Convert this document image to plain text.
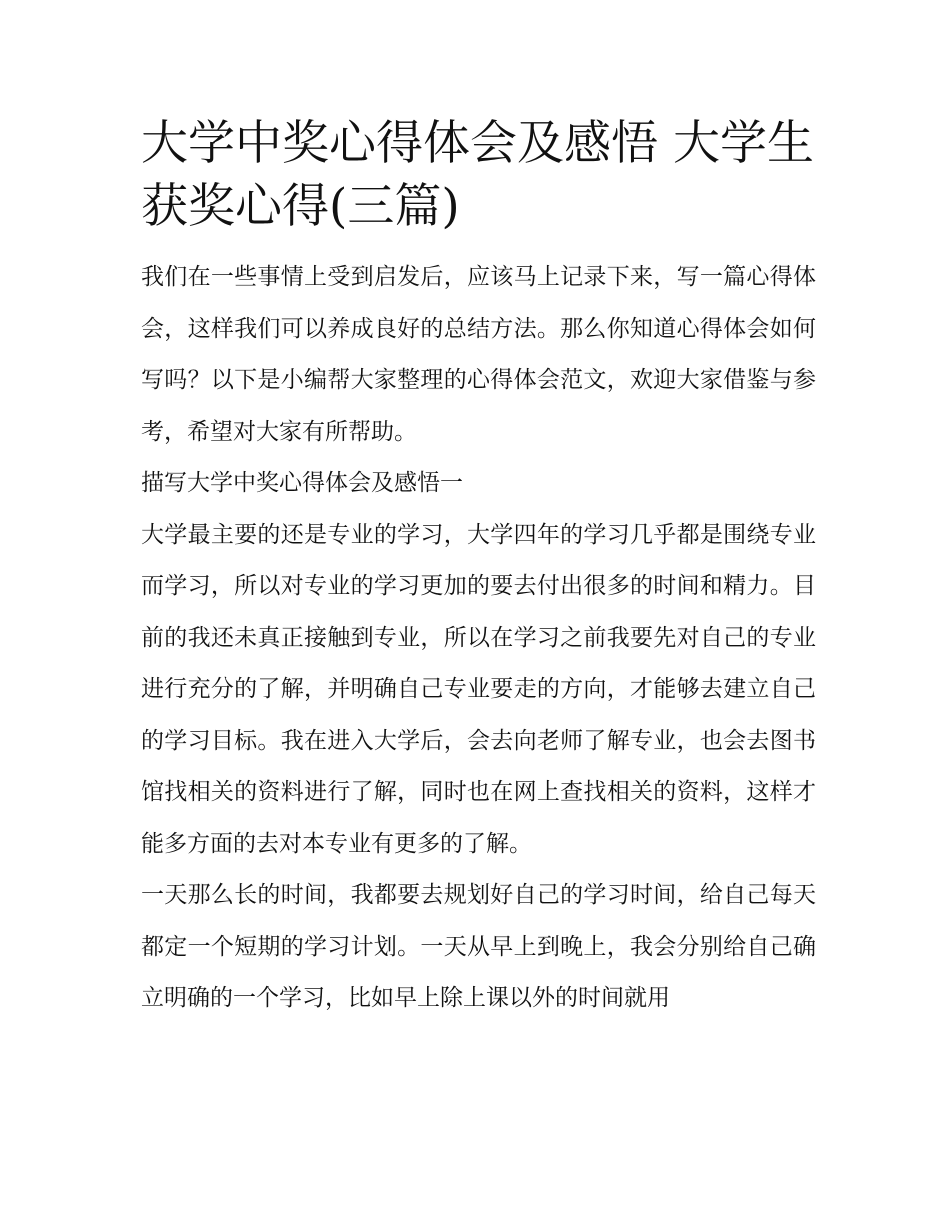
大学中奖心得体会及感悟 大学生获奖心得(三篇)

我们在一些事情上受到启发后，应该马上记录下来，写一篇心得体会，这样我们可以养成良好的总结方法。那么你知道心得体会如何写吗？以下是小编帮大家整理的心得体会范文，欢迎大家借鉴与参考，希望对大家有所帮助。

描写大学中奖心得体会及感悟一

大学最主要的还是专业的学习，大学四年的学习几乎都是围绕专业而学习，所以对专业的学习更加的要去付出很多的时间和精力。目前的我还未真正接触到专业，所以在学习之前我要先对自己的专业进行充分的了解，并明确自己专业要走的方向，才能够去建立自己的学习目标。我在进入大学后，会去向老师了解专业，也会去图书馆找相关的资料进行了解，同时也在网上查找相关的资料，这样才能多方面的去对本专业有更多的了解。

一天那么长的时间，我都要去规划好自己的学习时间，给自己每天都定一个短期的学习计划。一天从早上到晚上，我会分别给自己确立明确的一个学习，比如早上除上课以外的时间就用
